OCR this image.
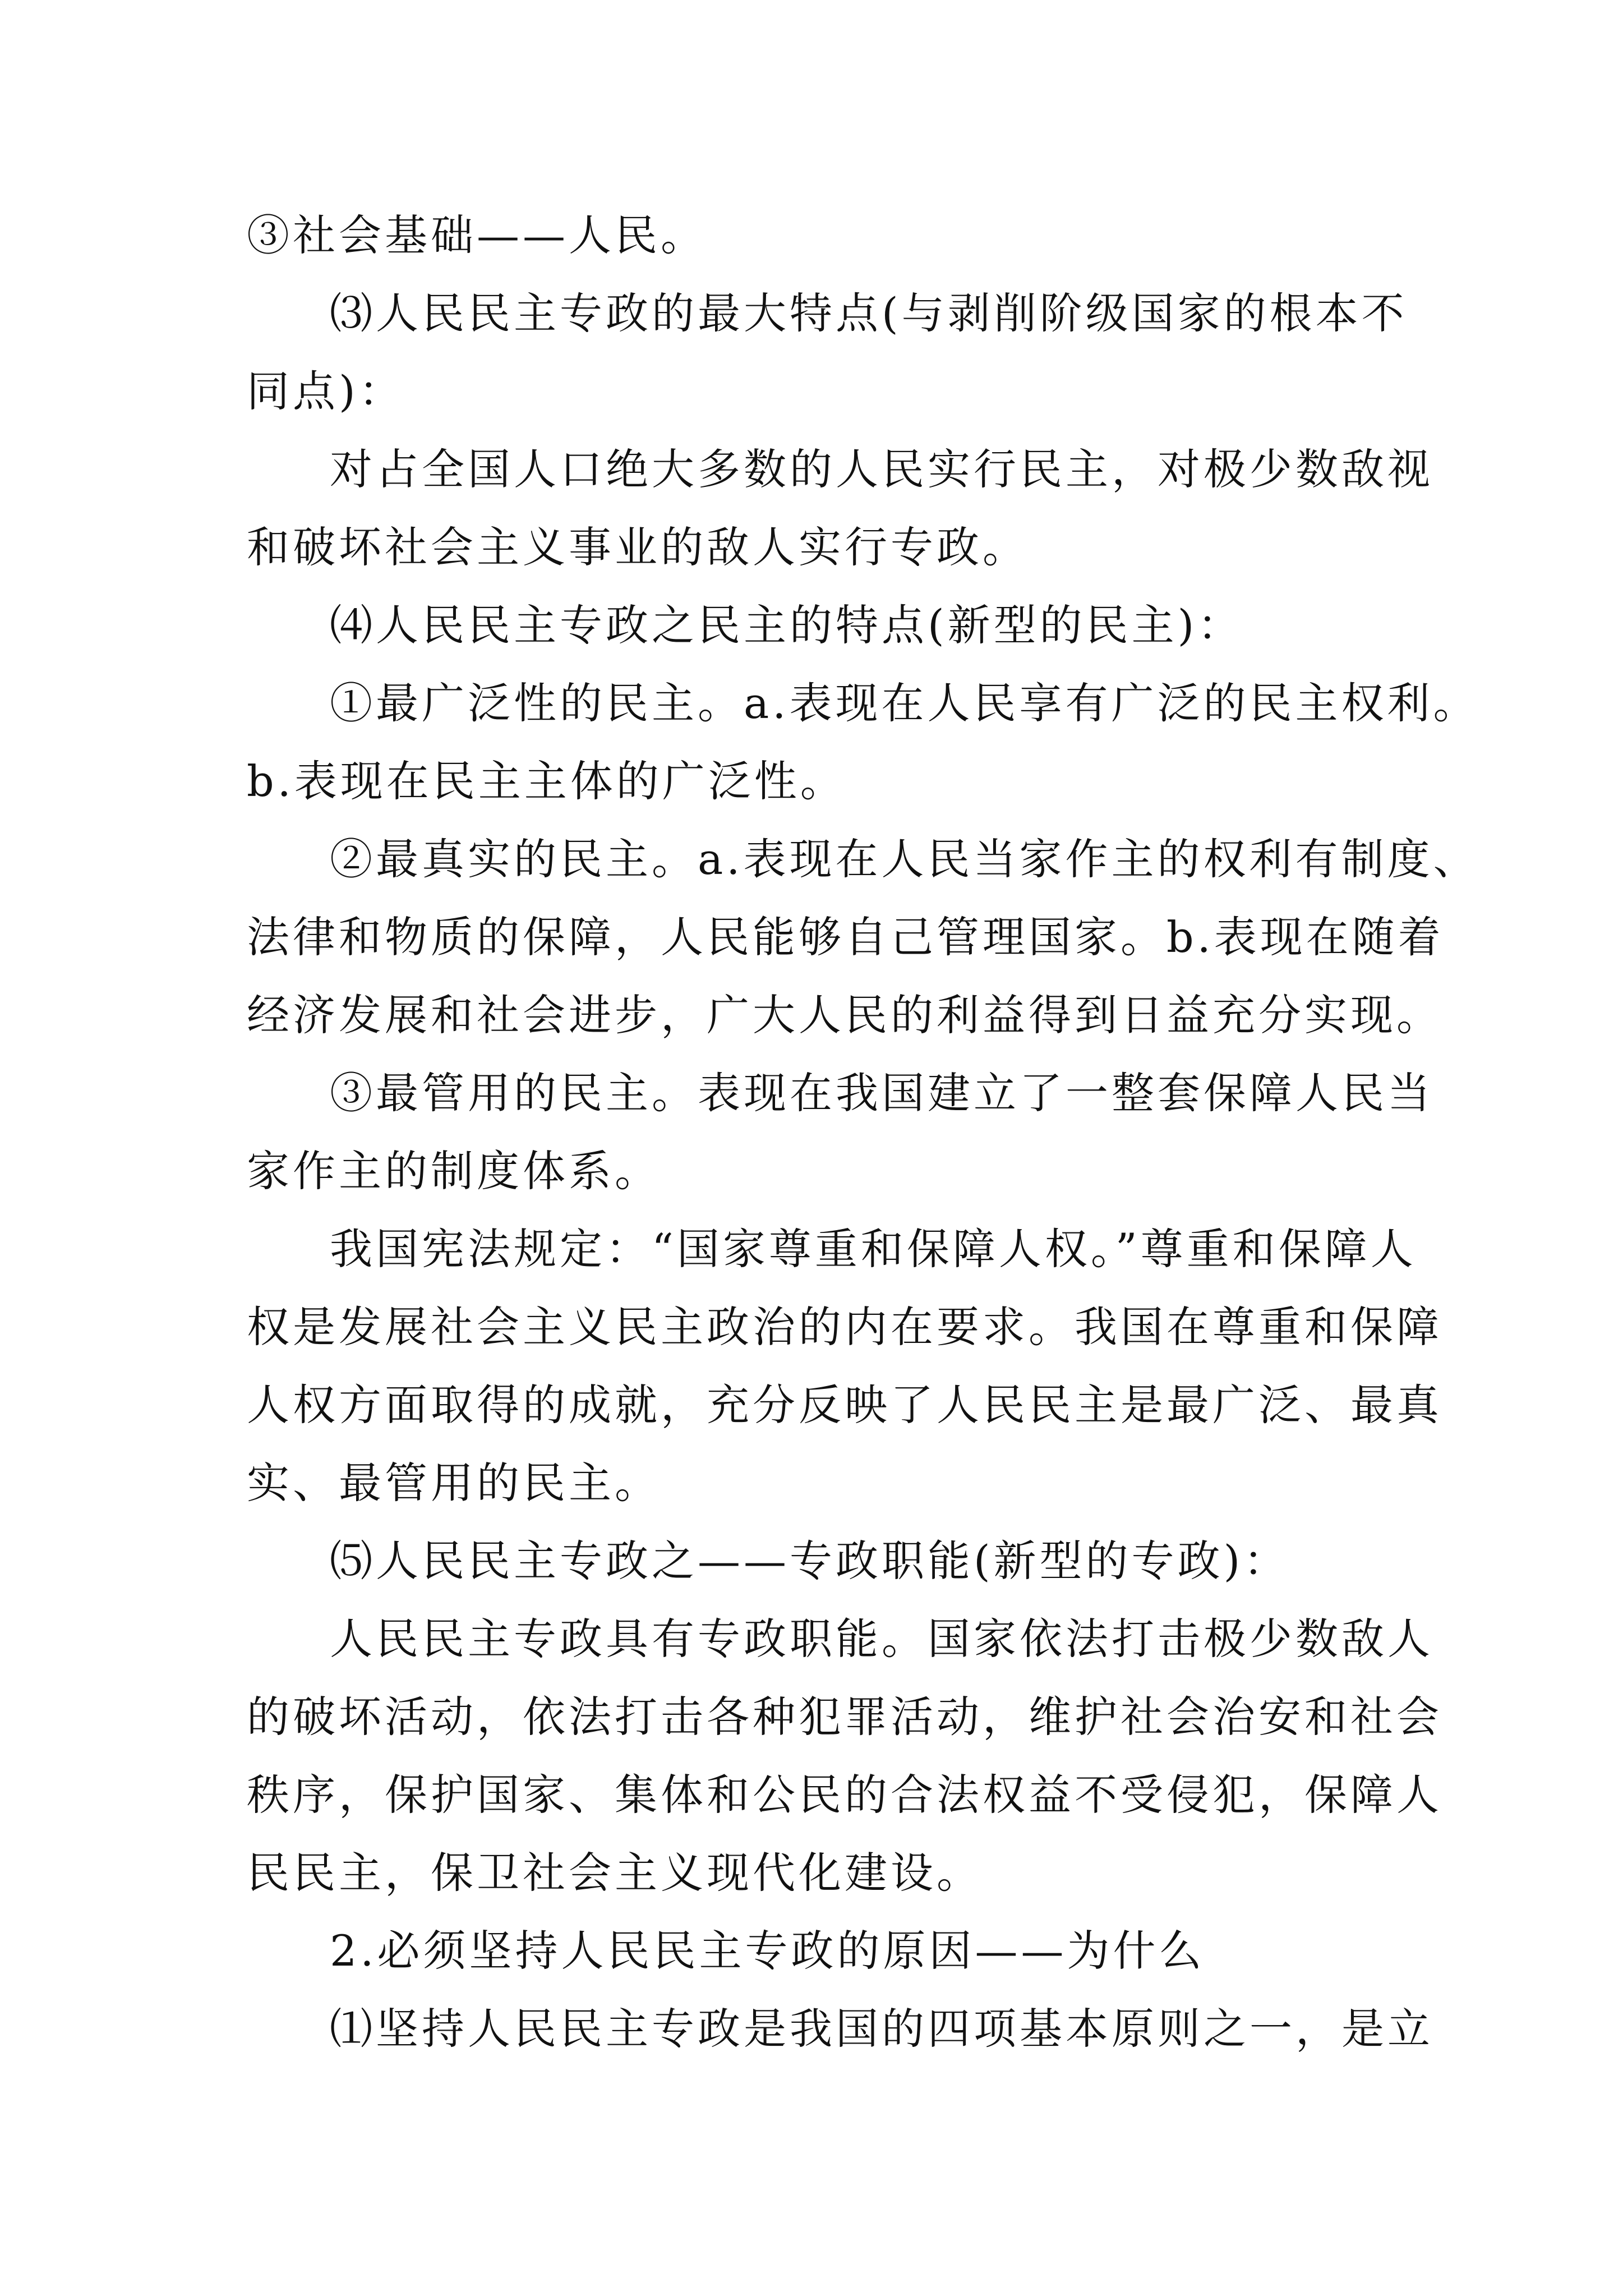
③社会基础——人民。
⑶人民民主专政的最大特点(与剥削阶级国家的根本不
同点)：
对占全国人口绝大多数的人民实行民主，对极少数敌视
和破坏社会主义事业的敌人实行专政。
⑷人民民主专政之民主的特点(新型的民主)：
①最广泛性的民主。a.表现在人民享有广泛的民主权利。
b.表现在民主主体的广泛性。
②最真实的民主。a.表现在人民当家作主的权利有制度、
法律和物质的保障，人民能够自己管理国家。b.表现在随着
经济发展和社会进步，广大人民的利益得到日益充分实现。
③最管用的民主。表现在我国建立了一整套保障人民当
家作主的制度体系。
我国宪法规定：“国家尊重和保障人权。”尊重和保障人
权是发展社会主义民主政治的内在要求。我国在尊重和保障
人权方面取得的成就，充分反映了人民民主是最广泛、最真
实、最管用的民主。
⑸人民民主专政之——专政职能(新型的专政)：
人民民主专政具有专政职能。国家依法打击极少数敌人
的破坏活动，依法打击各种犯罪活动，维护社会治安和社会
秩序，保护国家、集体和公民的合法权益不受侵犯，保障人
民民主，保卫社会主义现代化建设。
2.必须坚持人民民主专政的原因——为什么
⑴坚持人民民主专政是我国的四项基本原则之一，是立
